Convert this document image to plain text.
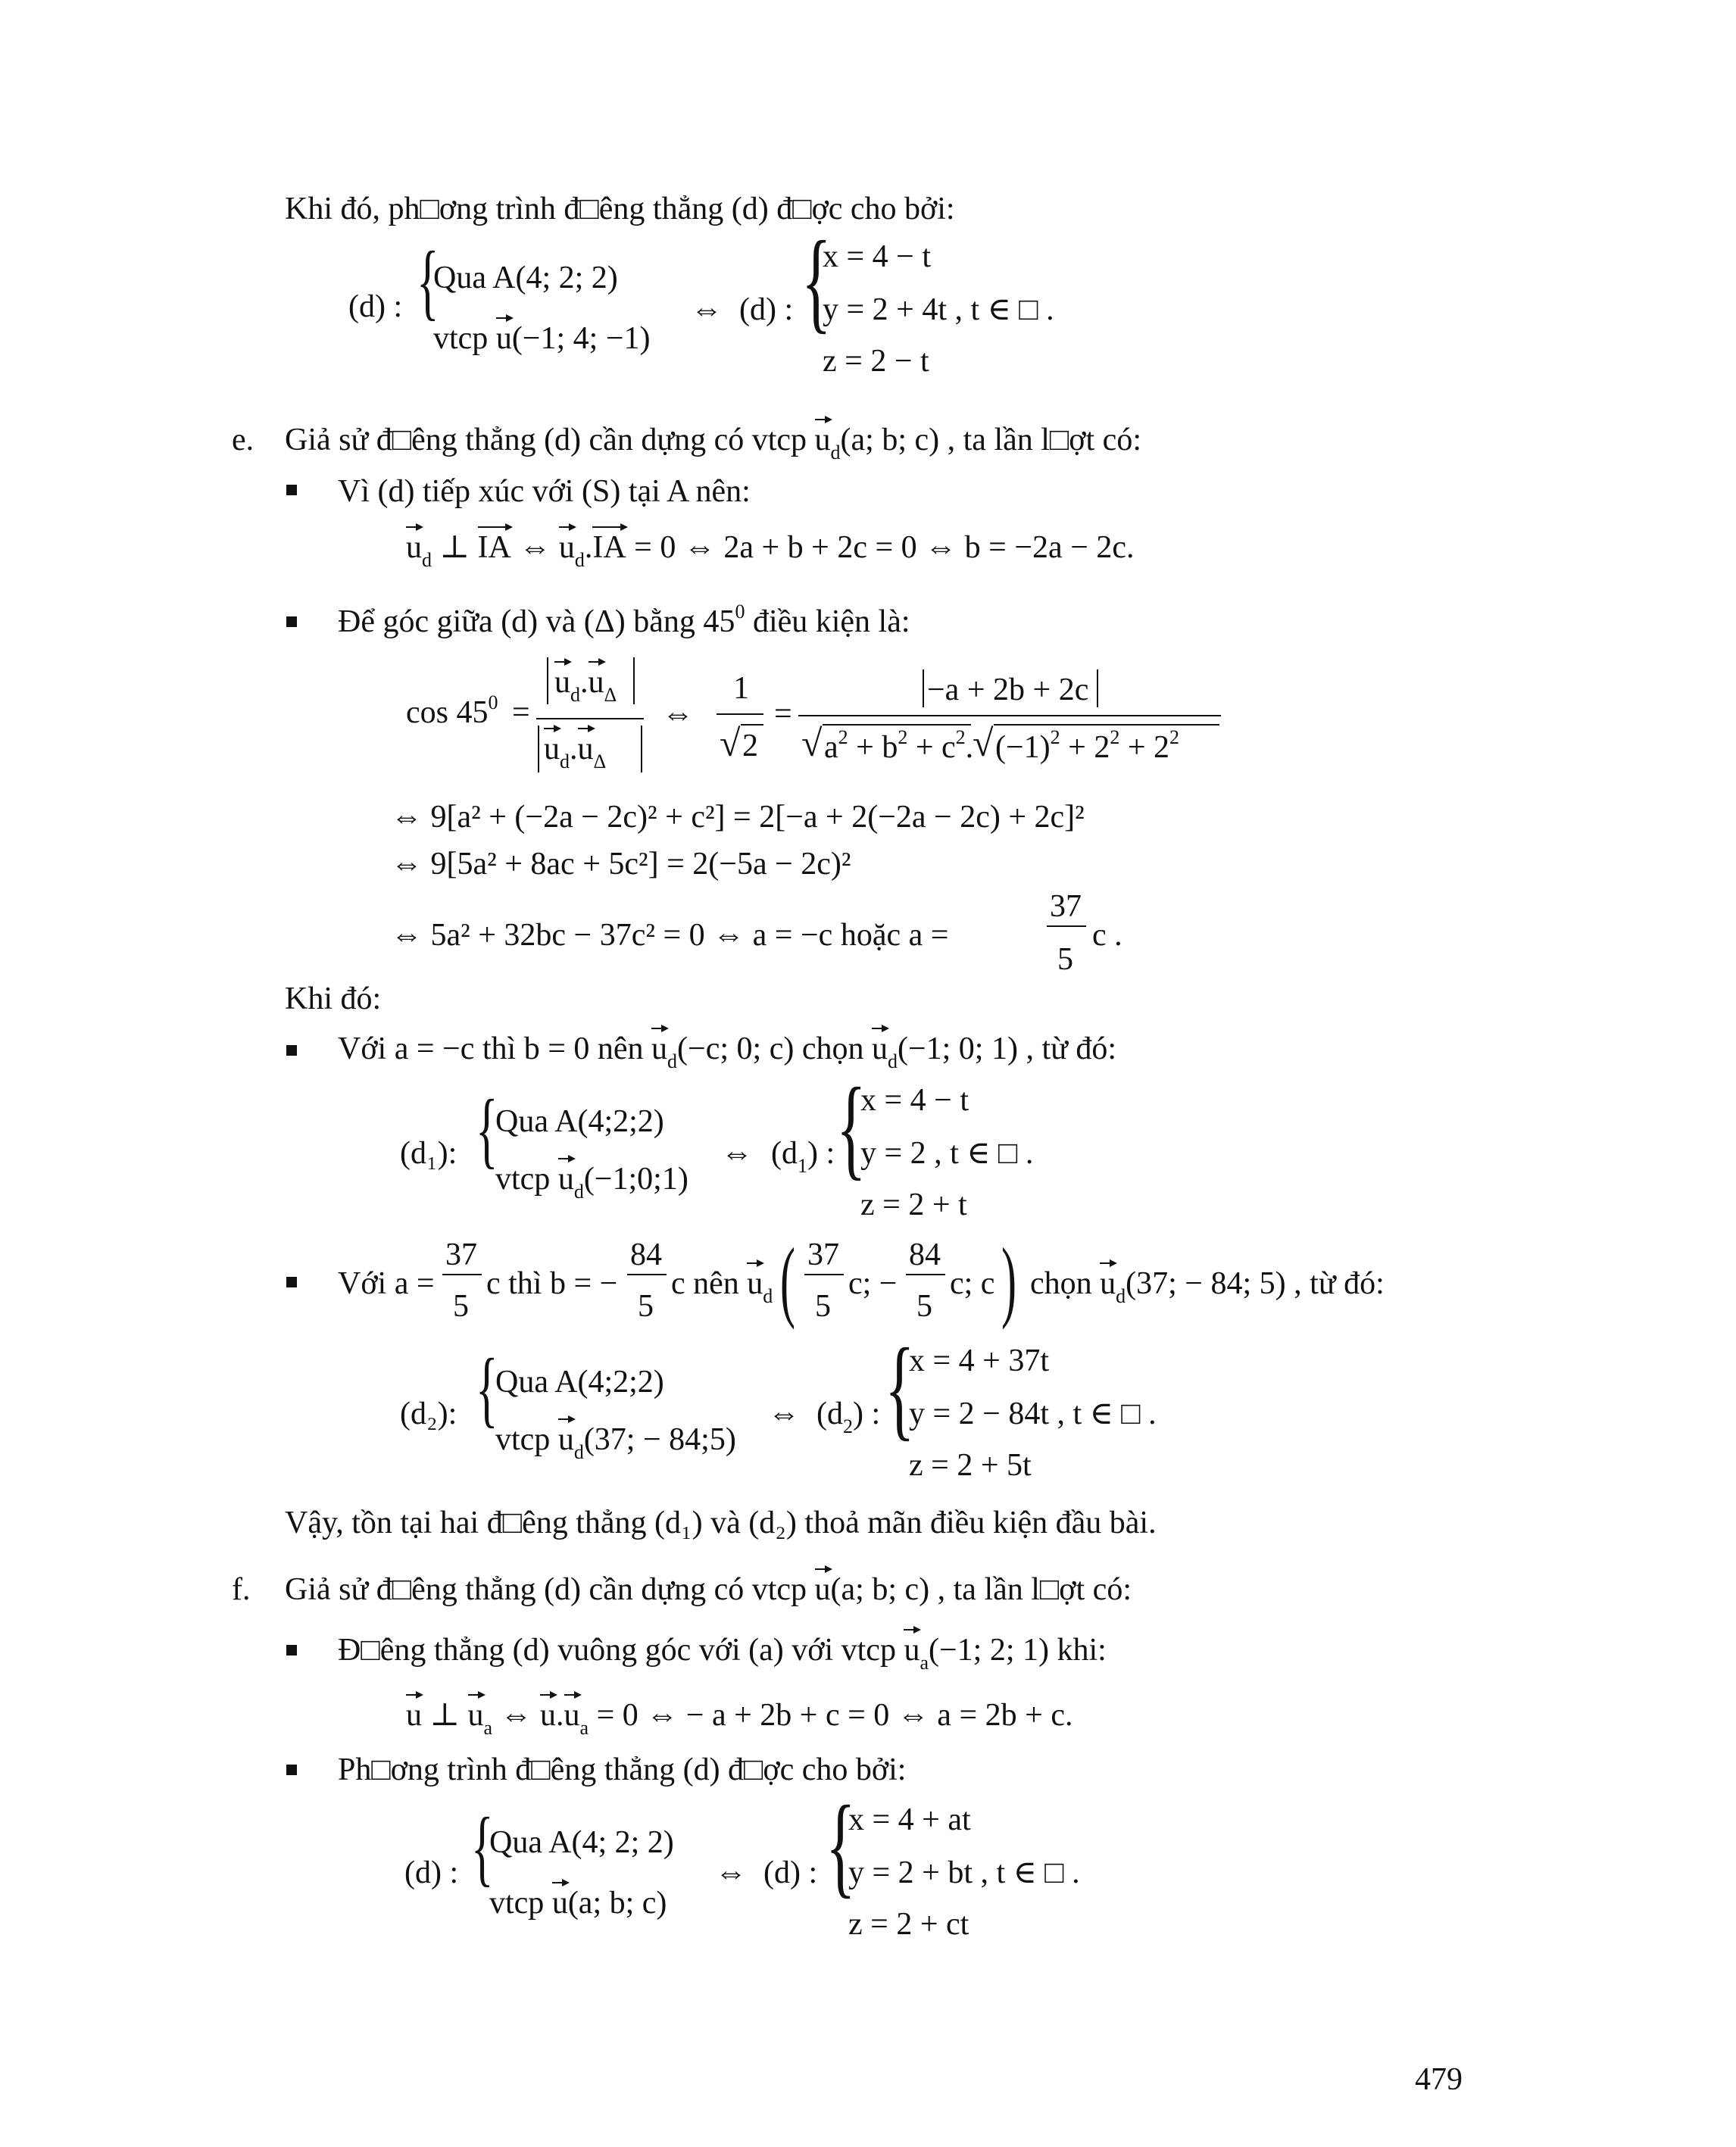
Khi đó, ph□ơng trình đ□êng thẳng (d) đ□ợc cho bởi:
(d) : {
Qua A(4; 2; 2)
vtcp u(−1; 4; −1)
⇔ (d) : {
x = 4 − t
y = 2 + 4t , t ∈ □ .
z = 2 − t
e. Giả sử đ□êng thẳng (d) cần dựng có vtcp $u_d(a$; b; c) , ta lần l□ợt có:
Vì (d) tiếp xúc với (S) tại A nên:
$u_d$ ⊥ IA ⇔ $u_d.IA = 0$ ⇔ 2a + b + 2c = 0 ⇔ b = −2a − 2c.
Để góc giữa (d) và (Δ) bằng $45^0$ điều kiện là:
$\cos 45^0$ =
$u_d.u_\Delta$
$u_d.u_\Delta$
⇔
1
√ 2
=
−a + 2b + 2c
√ $a^2 + b^2 + c^2$.
√ $(-1)^2 + 2^2 + 2^2$
⇔ 9[a² + (−2a − 2c)² + c²] = 2[−a + 2(−2a − 2c) + 2c]²
⇔ 9[5a² + 8ac + 5c²] = 2(−5a − 2c)²
⇔ 5a² + 32bc − 37c² = 0 ⇔ a = −c hoặc a =
37
5
c .
Khi đó:
Với a = −c thì b = 0 nên $u_d(-c$; 0; c) chọn $u_d(-1$; 0; 1) , từ đó:
(d₁): {
Qua A(4;2;2)
vtcp $u_d(-1;0;1)$
⇔ $(d_1)$ : {
x = 4 − t
y = 2 , t ∈ □ .
z = 2 + t
Với a =
37
5
c thì b = −
84
5
c nên $u_d$ ( 37
5
c; −
84
5
c; c ) chọn $u_d(37$; − 84; 5) , từ đó:
(d₂): {
Qua A(4;2;2)
vtcp $u_d(37$; − 84;5)
⇔ $(d_2)$ : {
x = 4 + 37t
y = 2 − 84t , t ∈ □ .
z = 2 + 5t
Vậy, tồn tại hai đ□êng thẳng (d₁) và (d₂) thoả mãn điều kiện đầu bài.
f. Giả sử đ□êng thẳng (d) cần dựng có vtcp u(a; b; c) , ta lần l□ợt có:
Đ□êng thẳng (d) vuông góc với (a) với vtcp $u_a(-1$; 2; 1) khi:
u ⊥ $u_a$ ⇔ $u.u_a = 0$ ⇔ − a + 2b + c = 0 ⇔ a = 2b + c.
Ph□ơng trình đ□êng thẳng (d) đ□ợc cho bởi:
(d) : {
Qua A(4; 2; 2)
vtcp u(a; b; c)
⇔ (d) : {
x = 4 + at
y = 2 + bt , t ∈ □ .
z = 2 + ct
479
